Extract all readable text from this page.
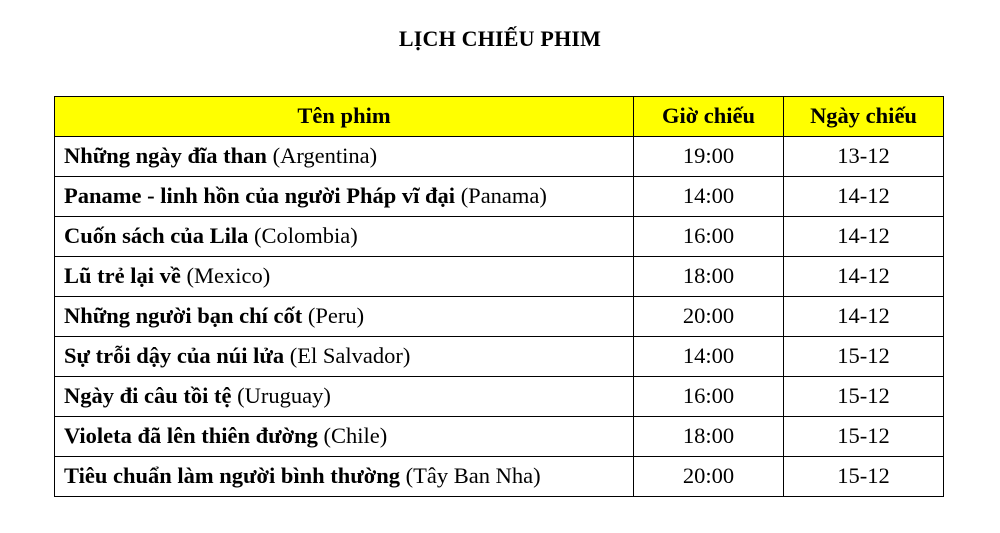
LỊCH CHIẾU PHIM
Tên phim	Giờ chiếu	Ngày chiếu
Những ngày đĩa than (Argentina)	19:00	13-12
Paname - linh hồn của người Pháp vĩ đại (Panama)	14:00	14-12
Cuốn sách của Lila (Colombia)	16:00	14-12
Lũ trẻ lại về (Mexico)	18:00	14-12
Những người bạn chí cốt (Peru)	20:00	14-12
Sự trỗi dậy của núi lửa (El Salvador)	14:00	15-12
Ngày đi câu tồi tệ (Uruguay)	16:00	15-12
Violeta đã lên thiên đường (Chile)	18:00	15-12
Tiêu chuẩn làm người bình thường (Tây Ban Nha)	20:00	15-12
